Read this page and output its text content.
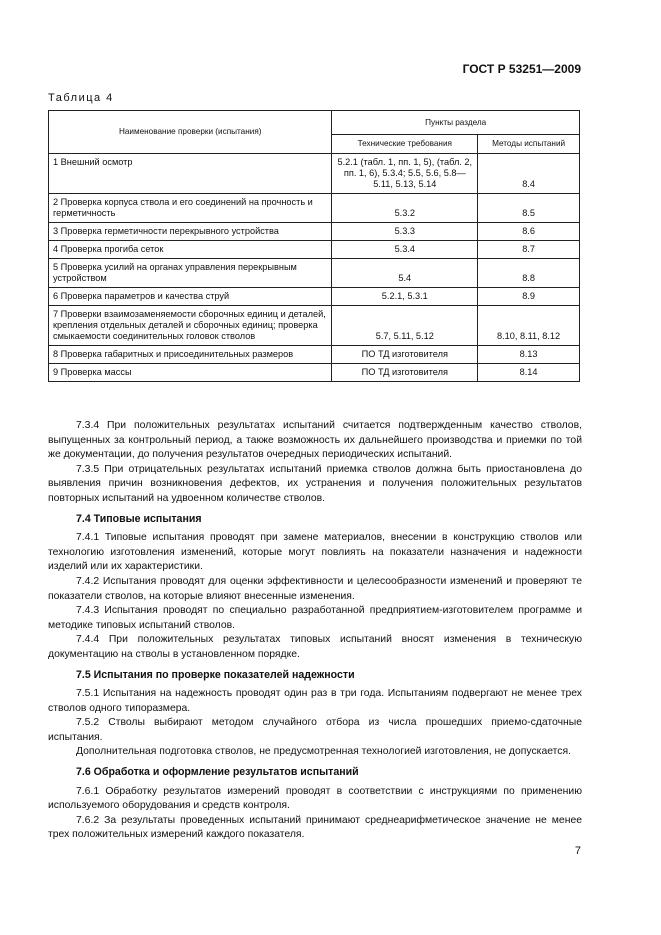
ГОСТ Р 53251—2009
Таблица 4
Наименование проверки (испытания)	Пункты раздела	
	Технические требования	Методы испытаний
1 Внешний осмотр	5.2.1 (табл. 1, пп. 1, 5), (табл. 2, пп. 1, 6), 5.3.4; 5.5, 5.6, 5.8—5.11, 5.13, 5.14	8.4
2 Проверка корпуса ствола и его соединений на прочность и герметичность	5.3.2	8.5
3 Проверка герметичности перекрывного устройства	5.3.3	8.6
4 Проверка прогиба сеток	5.3.4	8.7
5 Проверка усилий на органах управления перекрывным устройством	5.4	8.8
6 Проверка параметров и качества струй	5.2.1, 5.3.1	8.9
7 Проверки взаимозаменяемости сборочных единиц и деталей, крепления отдельных деталей и сборочных единиц; проверка смыкаемости соединительных головок стволов	5.7, 5.11, 5.12	8.10, 8.11, 8.12
8 Проверка габаритных и присоединительных размеров	ПО ТД изготовителя	8.13
9 Проверка массы	ПО ТД изготовителя	8.14

7.3.4 При положительных результатах испытаний считается подтвержденным качество стволов, выпущенных за контрольный период, а также возможность их дальнейшего производства и приемки по той же документации, до получения результатов очередных периодических испытаний.

7.3.5 При отрицательных результатах испытаний приемка стволов должна быть приостановлена до выявления причин возникновения дефектов, их устранения и получения положительных результатов повторных испытаний на удвоенном количестве стволов.

7.4 Типовые испытания

7.4.1 Типовые испытания проводят при замене материалов, внесении в конструкцию стволов или технологию изготовления изменений, которые могут повлиять на показатели назначения и надежности изделий или их характеристики.

7.4.2 Испытания проводят для оценки эффективности и целесообразности изменений и проверяют те показатели стволов, на которые влияют внесенные изменения.

7.4.3 Испытания проводят по специально разработанной предприятием-изготовителем программе и методике типовых испытаний стволов.

7.4.4 При положительных результатах типовых испытаний вносят изменения в техническую документацию на стволы в установленном порядке.

7.5 Испытания по проверке показателей надежности

7.5.1 Испытания на надежность проводят один раз в три года. Испытаниям подвергают не менее трех стволов одного типоразмера.

7.5.2 Стволы выбирают методом случайного отбора из числа прошедших приемо-сдаточные испытания.

Дополнительная подготовка стволов, не предусмотренная технологией изготовления, не допускается.

7.6 Обработка и оформление результатов испытаний

7.6.1 Обработку результатов измерений проводят в соответствии с инструкциями по применению используемого оборудования и средств контроля.

7.6.2 За результаты проведенных испытаний принимают среднеарифметическое значение не менее трех положительных измерений каждого показателя.

7
